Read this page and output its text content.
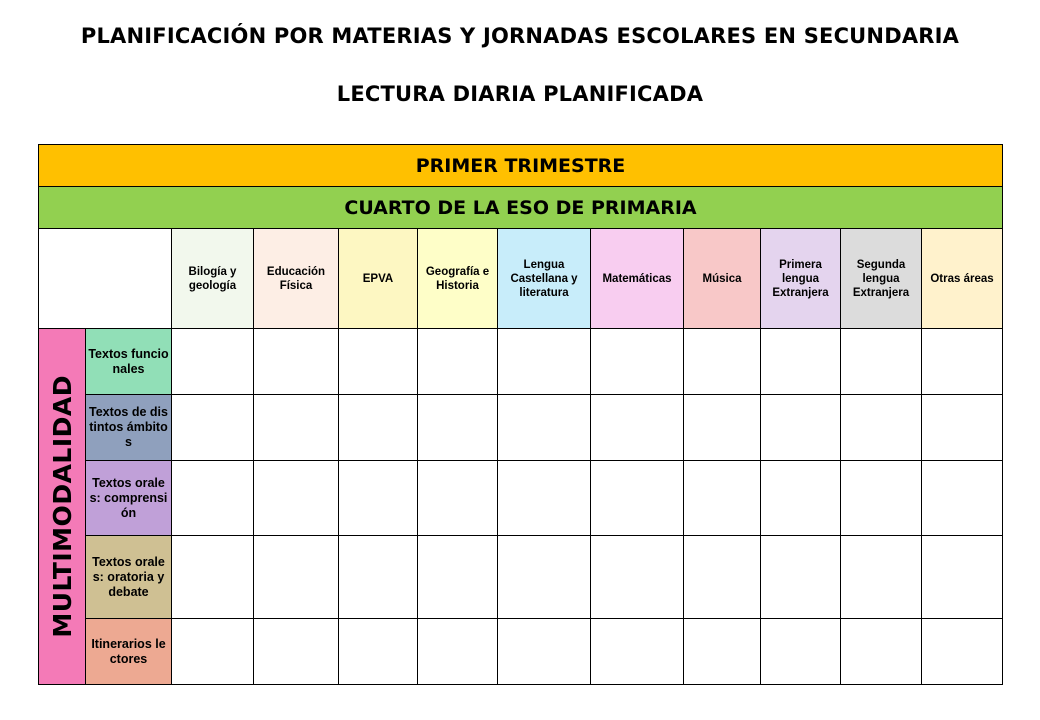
PLANIFICACIÓN POR MATERIAS Y JORNADAS ESCOLARES EN SECUNDARIA
LECTURA DIARIA PLANIFICADA
PRIMER TRIMESTRE											
CUARTO DE LA ESO DE PRIMARIA											
		Bilogía y geología	Educación Física	EPVA	Geografía e Historia	Lengua Castellana y literatura	Matemáticas	Música	Primera lengua Extranjera	Segunda lengua Extranjera	Otras áreas

MULTIMODALIDAD	Textos funcionales										
	Textos de distintos ámbitos										
	Textos orales: comprensión										
	Textos orales: oratoria y debate										
	Itinerarios lectores										
